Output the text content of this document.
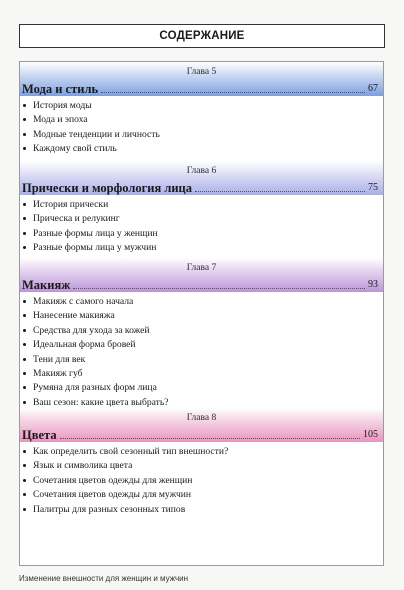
СОДЕРЖАНИЕ
Глава 5
Мода и стиль	67
История моды
Мода и эпоха
Модные тенденции и личность
Каждому свой стиль
Глава 6
Прически и морфология лица	75
История прически
Прическа и релукинг
Разные формы лица у женщин
Разные формы лица у мужчин
Глава 7
Макияж	93
Макияж с самого начала
Нанесение макияжа
Средства для ухода за кожей
Идеальная форма бровей
Тени для век
Макияж губ
Румяна для разных форм лица
Ваш сезон: какие цвета выбрать?
Глава 8
Цвета	105
Как определить свой сезонный тип внешности?
Язык и символика цвета
Сочетания цветов одежды для женщин
Сочетания цветов одежды для мужчин
Палитры для разных сезонных типов
Изменение внешности для женщин и мужчин
